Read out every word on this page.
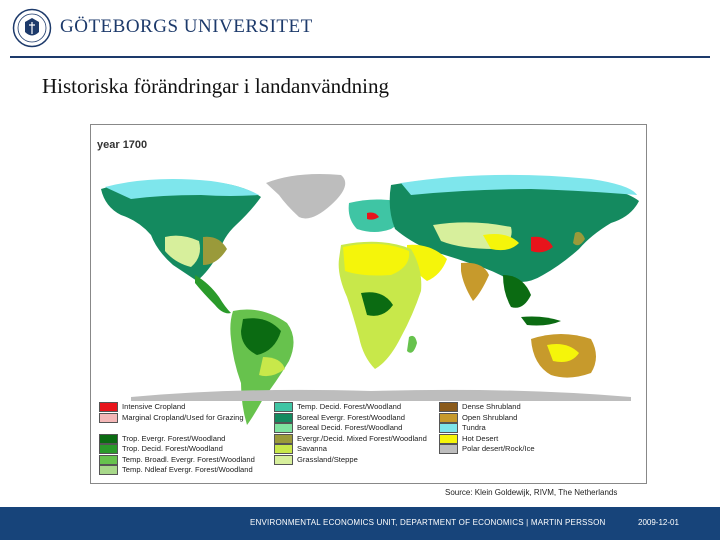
GÖTEBORGS UNIVERSITET
Historiska förändringar i landanvändning
year 1700
Intensive Cropland
Marginal Cropland/Used for Grazing
Trop. Evergr. Forest/Woodland
Trop. Decid. Forest/Woodland
Temp. Broadl. Evergr. Forest/Woodland
Temp. Ndleaf Evergr. Forest/Woodland
Temp. Decid. Forest/Woodland
Boreal Evergr. Forest/Woodland
Boreal Decid. Forest/Woodland
Evergr./Decid. Mixed Forest/Woodland
Savanna
Grassland/Steppe
Dense Shrubland
Open Shrubland
Tundra
Hot Desert
Polar desert/Rock/Ice
Source: Klein Goldewijk, RIVM, The Netherlands
ENVIRONMENTAL ECONOMICS UNIT, DEPARTMENT OF ECONOMICS | MARTIN PERSSON	2009-12-01
